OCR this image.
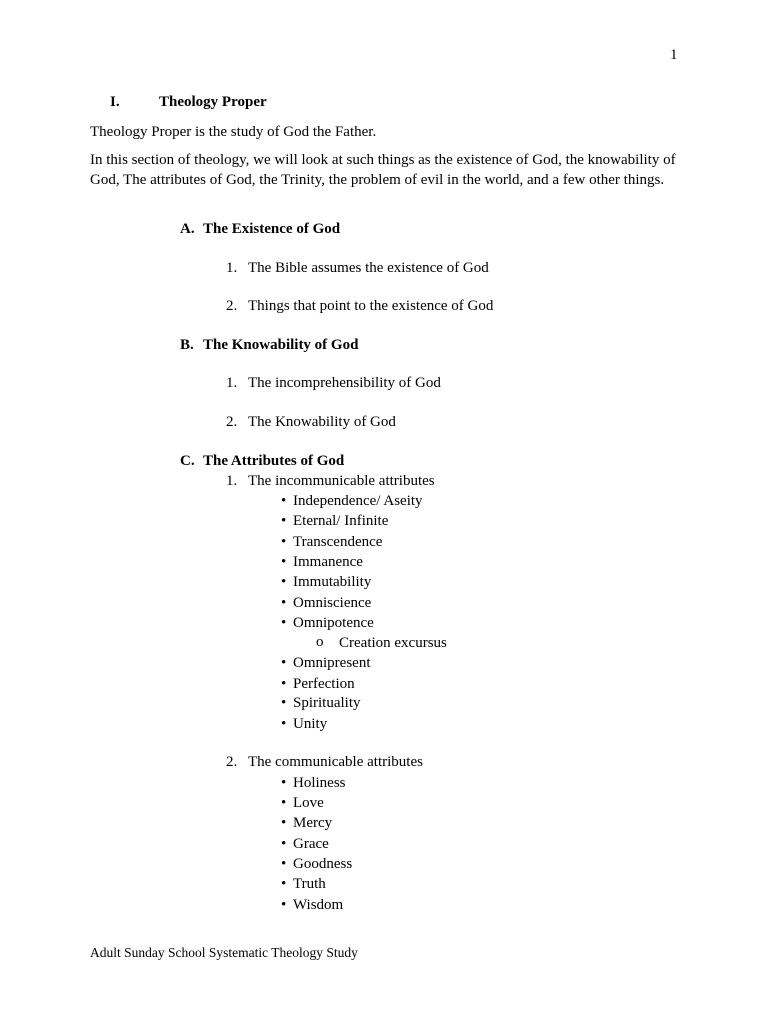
1
I.	Theology Proper
Theology Proper is the study of God the Father.
In this section of theology, we will look at such things as the existence of God, the knowability of God, The attributes of God, the Trinity, the problem of evil in the world, and a few other things.
A. The Existence of God
1. The Bible assumes the existence of God
2. Things that point to the existence of God
B. The Knowability of God
1. The incomprehensibility of God
2. The Knowability of God
C. The Attributes of God
1. The incommunicable attributes
• Independence/ Aseity
• Eternal/ Infinite
• Transcendence
• Immanence
• Immutability
• Omniscience
• Omnipotence
o Creation excursus
• Omnipresent
• Perfection
• Spirituality
• Unity
2. The communicable attributes
• Holiness
• Love
• Mercy
• Grace
• Goodness
• Truth
• Wisdom
Adult Sunday School Systematic Theology Study
